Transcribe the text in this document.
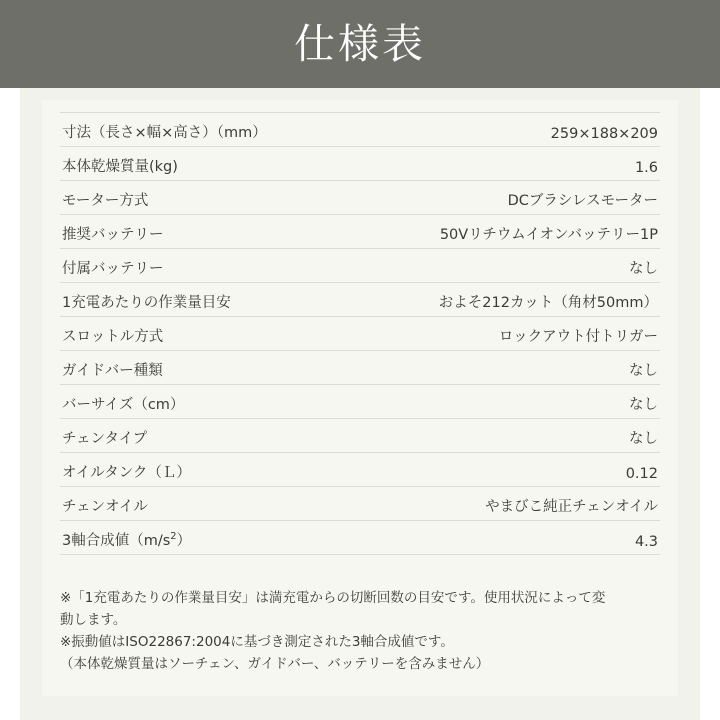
仕様表
寸法（長さ×幅×高さ）（mm）	259×188×209
本体乾燥質量(kg)	1.6
モーター方式	DCブラシレスモーター
推奨バッテリー	50Vリチウムイオンバッテリー1P
付属バッテリー	なし
1充電あたりの作業量目安	およそ212カット（角材50mm）
スロットル方式	ロックアウト付トリガー
ガイドバー種類	なし
バーサイズ（cm）	なし
チェンタイプ	なし
オイルタンク（Ｌ）	0.12
チェンオイル	やまびこ純正チェンオイル
3軸合成値$(m/s^2)$	4.3

※「1充電あたりの作業量目安」は満充電からの切断回数の目安です。使用状況によって変

動します。

※振動値はISO22867:2004に基づき測定された3軸合成値です。

（本体乾燥質量はソーチェン、ガイドバー、バッテリーを含みません）
